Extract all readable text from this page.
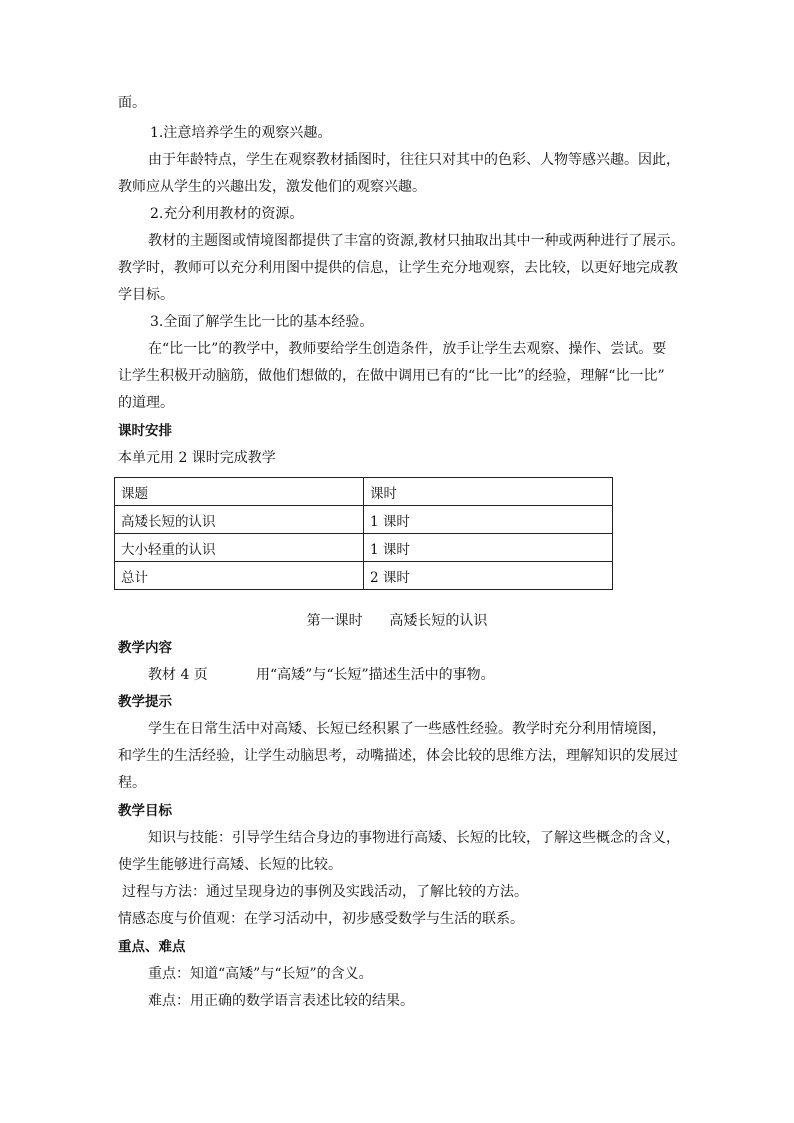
面。

1.注意培养学生的观察兴趣。

由于年龄特点，学生在观察教材插图时，往往只对其中的色彩、人物等感兴趣。因此，

教师应从学生的兴趣出发，激发他们的观察兴趣。

2.充分利用教材的资源。

教材的主题图或情境图都提供了丰富的资源,教材只抽取出其中一种或两种进行了展示。

教学时，教师可以充分利用图中提供的信息，让学生充分地观察，去比较，以更好地完成教

学目标。

3.全面了解学生比一比的基本经验。

在“比一比”的教学中，教师要给学生创造条件，放手让学生去观察、操作、尝试。要

让学生积极开动脑筋，做他们想做的，在做中调用已有的“比一比”的经验，理解“比一比”

的道理。

课时安排

本单元用 2 课时完成教学

课题	课时
高矮长短的认识	1 课时
大小轻重的认识	1 课时
总计	2 课时
第一课时      高矮长短的认识

教学内容

教材 4 页	用“高矮”与“长短”描述生活中的事物。

教学提示

学生在日常生活中对高矮、长短已经积累了一些感性经验。教学时充分利用情境图，

和学生的生活经验，让学生动脑思考，动嘴描述，体会比较的思维方法，理解知识的发展过

程。

教学目标

知识与技能：引导学生结合身边的事物进行高矮、长短的比较，了解这些概念的含义，

使学生能够进行高矮、长短的比较。

过程与方法：通过呈现身边的事例及实践活动，了解比较的方法。

情感态度与价值观：在学习活动中，初步感受数学与生活的联系。

重点、难点

重点：知道“高矮”与“长短”的含义。

难点：用正确的数学语言表述比较的结果。
